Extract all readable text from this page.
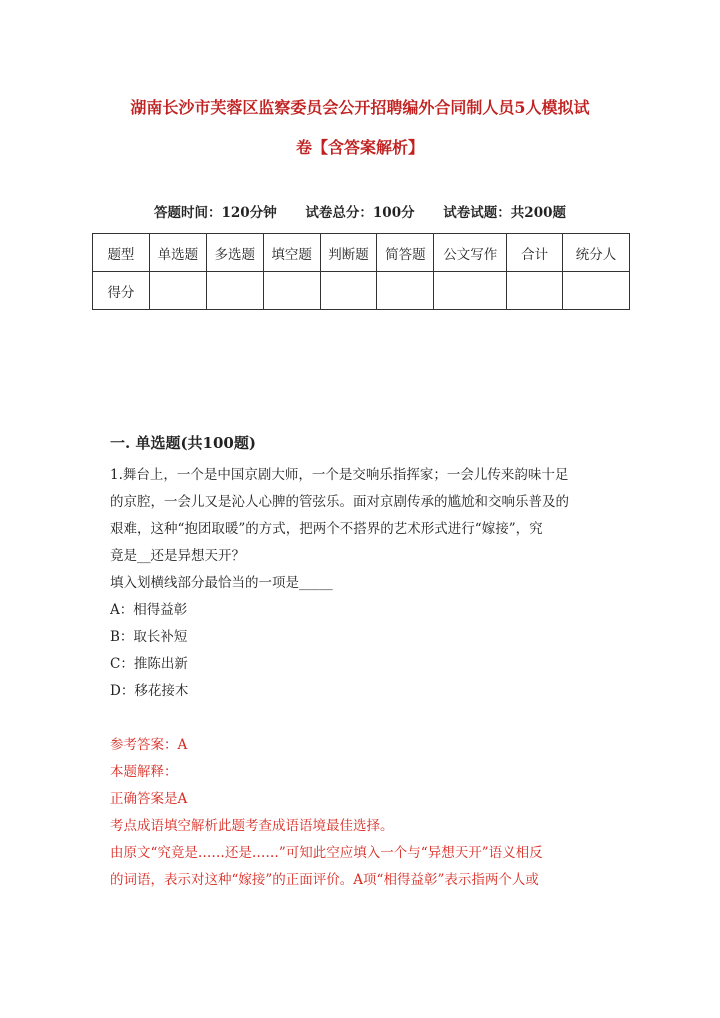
湖南长沙市芙蓉区监察委员会公开招聘编外合同制人员5人模拟试
卷【含答案解析】
答题时间：120分钟 试卷总分：100分 试卷试题：共200题
题型	单选题	多选题	填空题	判断题	简答题	公文写作	合计	统分人
得分								
一. 单选题(共100题)

1.舞台上，一个是中国京剧大师，一个是交响乐指挥家；一会儿传来韵味十足

的京腔，一会儿又是沁人心脾的管弦乐。面对京剧传承的尴尬和交响乐普及的

艰难，这种“抱团取暖”的方式，把两个不搭界的艺术形式进行“嫁接”，究

竟是__还是异想天开？

填入划横线部分最恰当的一项是_____

A：相得益彰

B：取长补短

C：推陈出新

D：移花接木

参考答案：A

本题解释：

正确答案是A

考点成语填空解析此题考查成语语境最佳选择。

由原文“究竟是……还是……”可知此空应填入一个与“异想天开”语义相反

的词语，表示对这种“嫁接”的正面评价。A项“相得益彰”表示指两个人或
